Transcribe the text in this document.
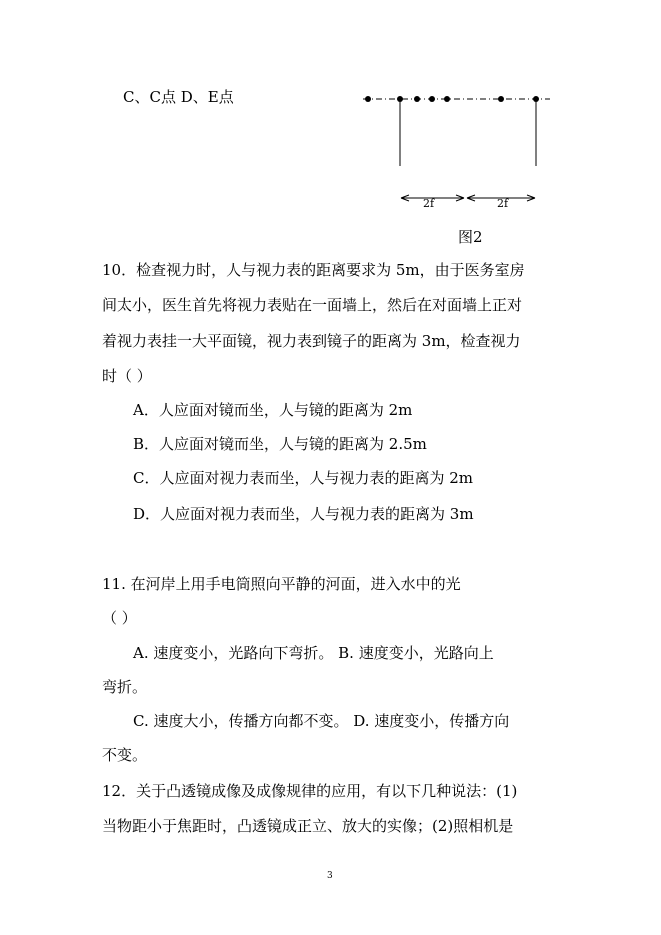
C、C点 D、E点
2f	2f
图2
10．检查视力时，人与视力表的距离要求为 5m，由于医务室房
间太小，医生首先将视力表贴在一面墙上，然后在对面墙上正对
着视力表挂一大平面镜，视力表到镜子的距离为 3m，检查视力
时（ ）
A．人应面对镜而坐，人与镜的距离为 2m
B．人应面对镜而坐，人与镜的距离为 2.5m
C．人应面对视力表而坐，人与视力表的距离为 2m
D．人应面对视力表而坐，人与视力表的距离为 3m
11. 在河岸上用手电筒照向平静的河面，进入水中的光
（ ）
A. 速度变小，光路向下弯折。 B. 速度变小，光路向上
弯折。
C. 速度大小，传播方向都不变。 D. 速度变小，传播方向
不变。
12．关于凸透镜成像及成像规律的应用，有以下几种说法：(1)
当物距小于焦距时，凸透镜成正立、放大的实像；(2)照相机是
3
